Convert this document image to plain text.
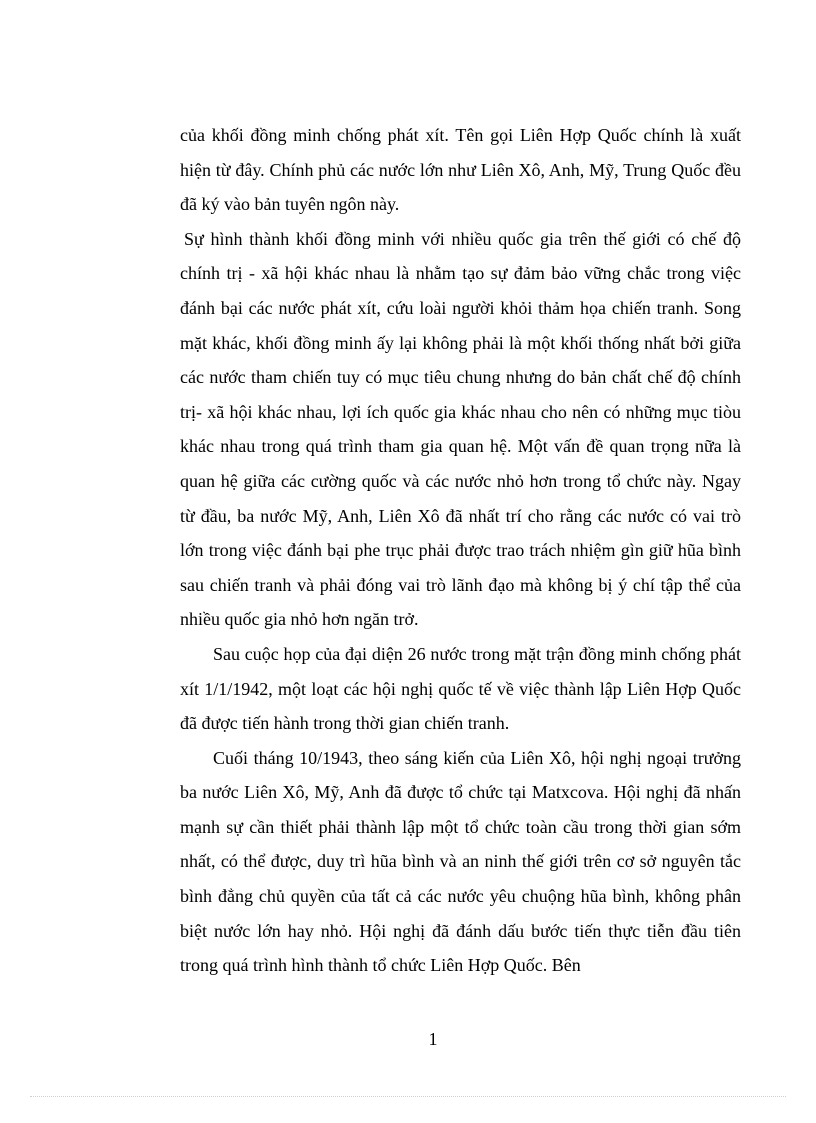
của khối đồng minh chống phát xít. Tên gọi Liên Hợp Quốc chính là xuất hiện từ đây. Chính phủ các nước lớn như Liên Xô, Anh, Mỹ, Trung Quốc đều đã ký vào bản tuyên ngôn này.

Sự hình thành khối đồng minh với nhiều quốc gia trên thế giới có chế độ chính trị - xã hội khác nhau là nhằm tạo sự đảm bảo vững chắc trong việc đánh bại các nước phát xít, cứu loài người khỏi thảm họa chiến tranh. Song mặt khác, khối đồng minh ấy lại không phải là một khối thống nhất bởi giữa các nước tham chiến tuy có mục tiêu chung nhưng do bản chất chế độ chính trị- xã hội khác nhau, lợi ích quốc gia khác nhau cho nên có những mục tiòu khác nhau trong quá trình tham gia quan hệ. Một vấn đề quan trọng nữa là quan hệ giữa các cường quốc và các nước nhỏ hơn trong tổ chức này. Ngay từ đầu, ba nước Mỹ, Anh, Liên Xô đã nhất trí cho rằng các nước có vai trò lớn trong việc đánh bại phe trục phải được trao trách nhiệm gìn giữ hũa bình sau chiến tranh và phải đóng vai trò lãnh đạo mà không bị ý chí tập thể của nhiều quốc gia nhỏ hơn ngăn trở.

Sau cuộc họp của đại diện 26 nước trong mặt trận đồng minh chống phát xít 1/1/1942, một loạt các hội nghị quốc tế về việc thành lập Liên Hợp Quốc đã được tiến hành trong thời gian chiến tranh.

Cuối tháng 10/1943, theo sáng kiến của Liên Xô, hội nghị ngoại trưởng ba nước Liên Xô, Mỹ, Anh đã được tổ chức tại Matxcova. Hội nghị đã nhấn mạnh sự cần thiết phải thành lập một tổ chức toàn cầu trong thời gian sớm nhất, có thể được, duy trì hũa bình và an ninh thế giới trên cơ sở nguyên tắc bình đẳng chủ quyền của tất cả các nước yêu chuộng hũa bình, không phân biệt nước lớn hay nhỏ. Hội nghị đã đánh dấu bước tiến thực tiễn đầu tiên trong quá trình hình thành tổ chức Liên Hợp Quốc. Bên

1
